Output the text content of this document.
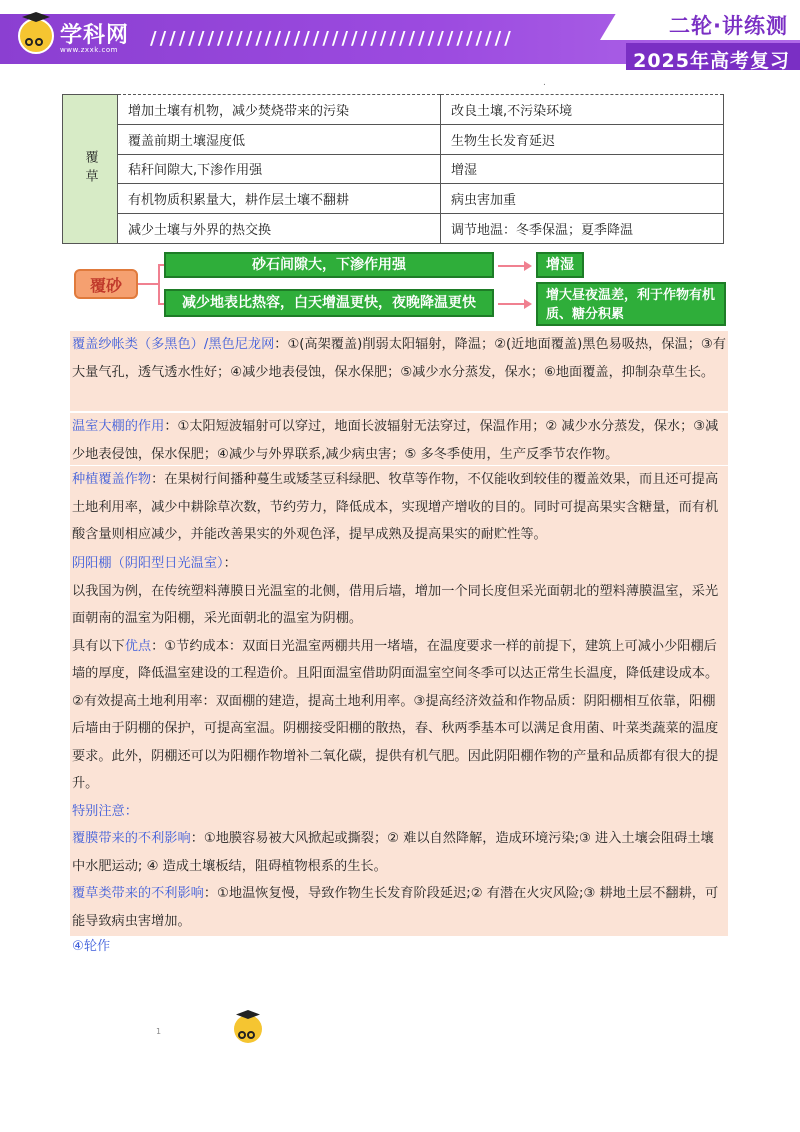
学科网
www.zxxk.com
//////////////////////////////////////
二轮·讲练测
2025年高考复习
.
覆草	增加土壤有机物，减少焚烧带来的污染	改良土壤,不污染环境
	覆盖前期土壤湿度低	生物生长发育延迟
	秸秆间隙大,下渗作用强	增湿
	有机物质积累量大，耕作层土壤不翻耕	病虫害加重
	减少土壤与外界的热交换	调节地温：冬季保温；夏季降温
覆砂
砂石间隙大，下渗作用强
减少地表比热容，白天增温更快，夜晚降温更快
增湿
增大昼夜温差，利于作物有机质、糖分积累

覆盖纱帐类（多黑色）/黑色尼龙网：①(高架覆盖)削弱太阳辐射，降温；②(近地面覆盖)黑色易吸热，保温；③有大量气孔，透气透水性好；④减少地表侵蚀，保水保肥；⑤减少水分蒸发，保水；⑥地面覆盖，抑制杂草生长。

温室大棚的作用：①太阳短波辐射可以穿过，地面长波辐射无法穿过，保温作用；② 减少水分蒸发，保水；③减少地表侵蚀，保水保肥；④减少与外界联系,减少病虫害；⑤ 多冬季使用，生产反季节农作物。

种植覆盖作物：在果树行间播种蔓生或矮茎豆科绿肥、牧草等作物，不仅能收到较佳的覆盖效果，而且还可提高土地利用率，减少中耕除草次数，节约劳力，降低成本，实现增产增收的目的。同时可提高果实含糖量，而有机酸含量则相应减少，并能改善果实的外观色泽，提早成熟及提高果实的耐贮性等。

阴阳棚（阴阳型日光温室）：

以我国为例，在传统塑料薄膜日光温室的北侧，借用后墙，增加一个同长度但采光面朝北的塑料薄膜温室，采光面朝南的温室为阳棚，采光面朝北的温室为阴棚。

具有以下优点：①节约成本：双面日光温室两棚共用一堵墙，在温度要求一样的前提下，建筑上可减小少阳棚后墙的厚度，降低温室建设的工程造价。且阳面温室借助阴面温室空间冬季可以达正常生长温度，降低建设成本。②有效提高土地利用率：双面棚的建造，提高土地利用率。③提高经济效益和作物品质：阴阳棚相互依靠，阳棚后墙由于阴棚的保护，可提高室温。阴棚接受阳棚的散热，春、秋两季基本可以满足食用菌、叶菜类蔬菜的温度要求。此外，阴棚还可以为阳棚作物增补二氧化碳，提供有机气肥。因此阴阳棚作物的产量和品质都有很大的提升。

特别注意：

覆膜带来的不利影响：①地膜容易被大风掀起或撕裂；② 难以自然降解，造成环境污染;③ 进入土壤会阻碍土壤中水肥运动; ④ 造成土壤板结，阻碍植物根系的生长。

覆草类带来的不利影响：①地温恢复慢，导致作物生长发育阶段延迟;② 有潜在火灾风险;③ 耕地土层不翻耕，可能导致病虫害增加。

④轮作
1
